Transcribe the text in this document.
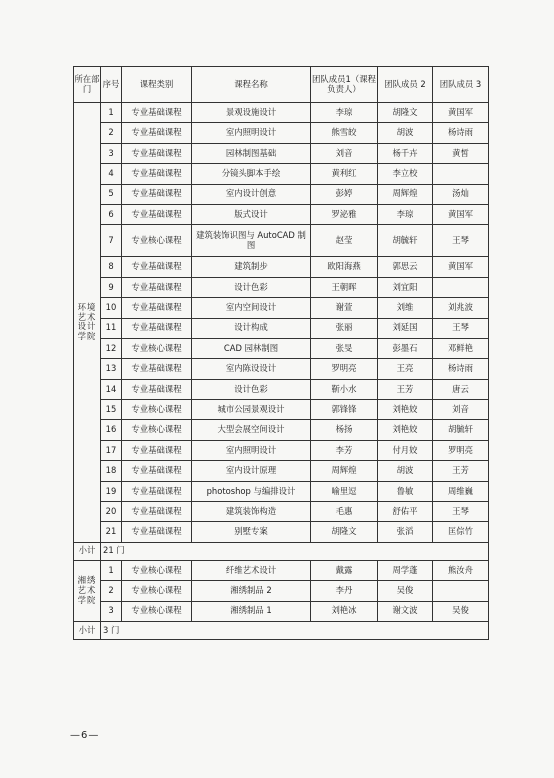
所在部门	序号	课程类别	课程名称	团队成员1（课程负责人）	团队成员 2	团队成员 3
环境艺术设计学院	1	专业基础课程	景观设施设计	李琼	胡隆文	黄国军
	2	专业基础课程	室内照明设计	熊雪皎	胡波	杨诗雨
	3	专业基础课程	园林制图基础	刘音	杨千卉	黄皙
	4	专业基础课程	分镜头脚本手绘	黄利红	李立校	
	5	专业基础课程	室内设计创意	彭婷	周辉煌	汤灿
	6	专业基础课程	版式设计	罗泌雅	李琼	黄国军
	7	专业核心课程	建筑装饰识图与 AutoCAD 制图	赵莹	胡毓轩	王琴
	8	专业基础课程	建筑制步	欧阳海燕	郭思云	黄国军
	9	专业基础课程	设计色彩	王朝晖	刘宜阳	
	10	专业基础课程	室内空间设计	谢萱	刘维	刘兆波
	11	专业基础课程	设计构成	张丽	刘延国	王琴
	12	专业核心课程	CAD 园林制图	张旻	彭墨石	邓鲜艳
	13	专业基础课程	室内陈设设计	罗明亮	王亮	杨诗雨
	14	专业基础课程	设计色彩	靳小水	王芳	唐云
	15	专业核心课程	城市公园景观设计	郭锋锋	刘艳姣	刘音
	16	专业核心课程	大型会展空间设计	杨扬	刘艳姣	胡毓轩
	17	专业基础课程	室内照明设计	李芳	付月姣	罗明亮
	18	专业基础课程	室内设计原理	周辉煌	胡波	王芳
	19	专业基础课程	photoshop 与编排设计	喻里逗	鲁敏	周维巍
	20	专业基础课程	建筑装饰构造	毛惠	舒佑平	王琴
	21	专业基础课程	别墅专案	胡隆文	张滔	匡倧竹
小计	21 门					
湘绣艺术学院	1	专业核心课程	纤维艺术设计	戴露	周学蓬	熊汝舟
	2	专业核心课程	湘绣制品 2	李丹	吴俊	
	3	专业核心课程	湘绣制品 1	刘艳冰	谢文波	吴俊
小计	3 门					
—6—
